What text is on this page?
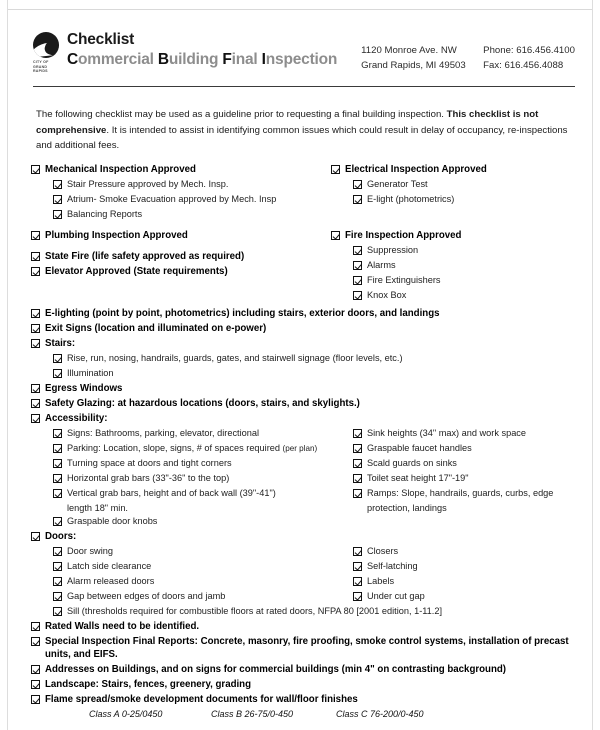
CITY OF
GRAND
RAPIDS
Checklist
Commercial Building Final Inspection
1120 Monroe Ave. NW	Phone: 616.456.4100
Grand Rapids, MI 49503	Fax: 616.456.4088
The following checklist may be used as a guideline prior to requesting a final building inspection. This checklist is not comprehensive. It is intended to assist in identifying common issues which could result in delay of occupancy, re-inspections and additional fees.
Mechanical Inspection Approved
Stair Pressure approved by Mech. Insp.
Atrium- Smoke Evacuation approved by Mech. Insp
Balancing Reports
Electrical Inspection Approved
Generator Test
E-light (photometrics)
Plumbing Inspection Approved
State Fire (life safety approved as required)
Elevator Approved (State requirements)
Fire Inspection Approved
Suppression
Alarms
Fire Extinguishers
Knox Box
E-lighting (point by point, photometrics) including stairs, exterior doors, and landings
Exit Signs (location and illuminated on e-power)
Stairs:
Rise, run, nosing, handrails, guards, gates, and stairwell signage (floor levels, etc.)
Illumination
Egress Windows
Safety Glazing: at hazardous locations (doors, stairs, and skylights.)
Accessibility:
Signs: Bathrooms, parking, elevator, directional
Parking: Location, slope, signs, # of spaces required (per plan)
Turning space at doors and tight corners
Horizontal grab bars (33"-36" to the top)
Vertical grab bars, height and of back wall (39"-41")
length 18" min.
Graspable door knobs
Sink heights (34" max) and work space
Graspable faucet handles
Scald guards on sinks
Toilet seat height 17"-19"
Ramps: Slope, handrails, guards, curbs, edge
protection, landings
Doors:
Door swing
Latch side clearance
Alarm released doors
Gap between edges of doors and jamb
Closers
Self-latching
Labels
Under cut gap
Sill (thresholds required for combustible floors at rated doors, NFPA 80 [2001 edition, 1-11.2]
Rated Walls need to be identified.
Special Inspection Final Reports: Concrete, masonry, fire proofing, smoke control systems, installation of precast units, and EIFS.
Addresses on Buildings, and on signs for commercial buildings (min 4" on contrasting background)
Landscape: Stairs, fences, greenery, grading
Flame spread/smoke development documents for wall/floor finishes
Class A 0-25/0450	Class B 26-75/0-450	Class C 76-200/0-450
